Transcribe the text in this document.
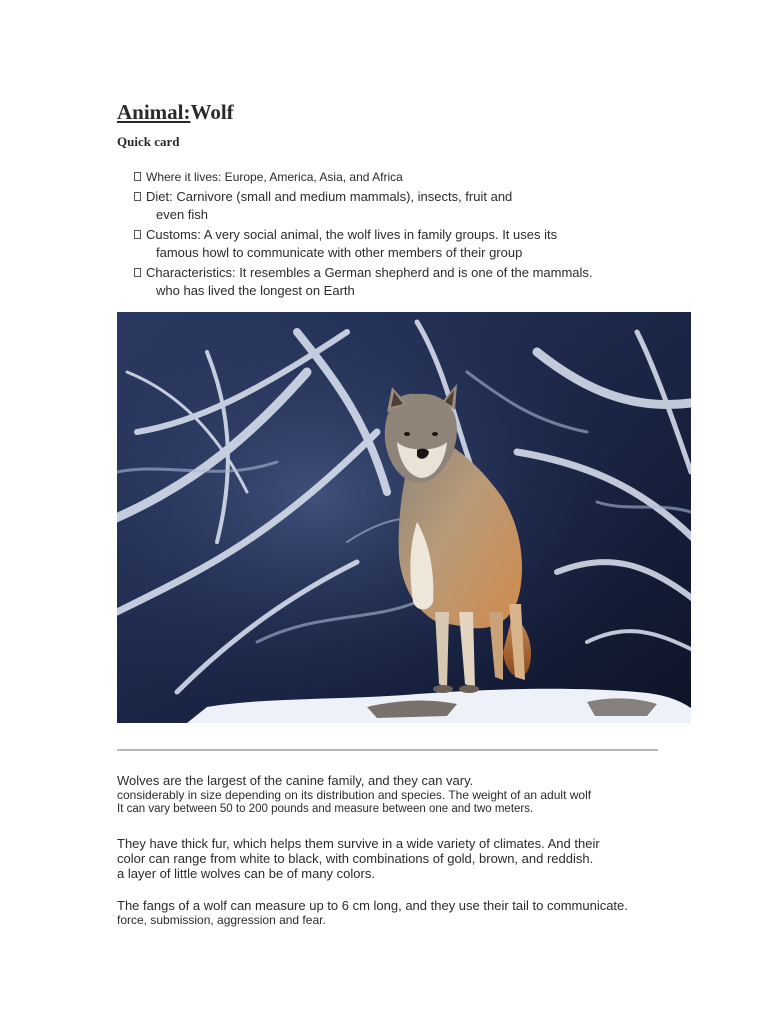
Animal:Wolf
Quick card
Where it lives: Europe, America, Asia, and Africa
Diet: Carnivore (small and medium mammals), insects, fruit and
even fish
Customs: A very social animal, the wolf lives in family groups. It uses its
famous howl to communicate with other members of their group
Characteristics: It resembles a German shepherd and is one of the mammals.
who has lived the longest on Earth

Wolves are the largest of the canine family, and they can vary.
considerably in size depending on its distribution and species. The weight of an adult wolf
It can vary between 50 to 200 pounds and measure between one and two meters.

They have thick fur, which helps them survive in a wide variety of climates. And their
color can range from white to black, with combinations of gold, brown, and reddish.
a layer of little wolves can be of many colors.

The fangs of a wolf can measure up to 6 cm long, and they use their tail to communicate.
force, submission, aggression and fear.
